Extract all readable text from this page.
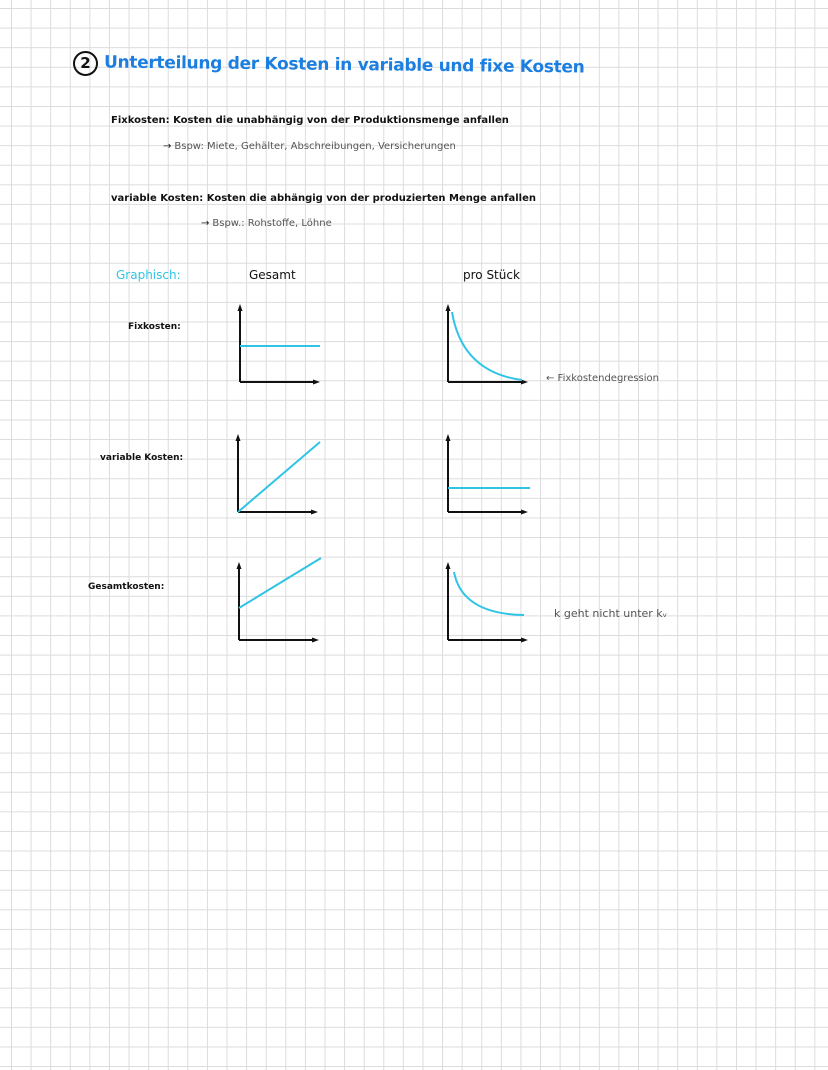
2 Unterteilung der Kosten in variable und fixe Kosten
Fixkosten: Kosten die unabhängig von der Produktionsmenge anfallen
→ Bspw: Miete, Gehälter, Abschreibungen, Versicherungen
variable Kosten: Kosten die abhängig von der produzierten Menge anfallen
→ Bspw.: Rohstoffe, Löhne
Graphisch:	Gesamt	pro Stück
Fixkosten:
variable Kosten:
Gesamtkosten:
← Fixkostendegression
k geht nicht unter kᵥ
